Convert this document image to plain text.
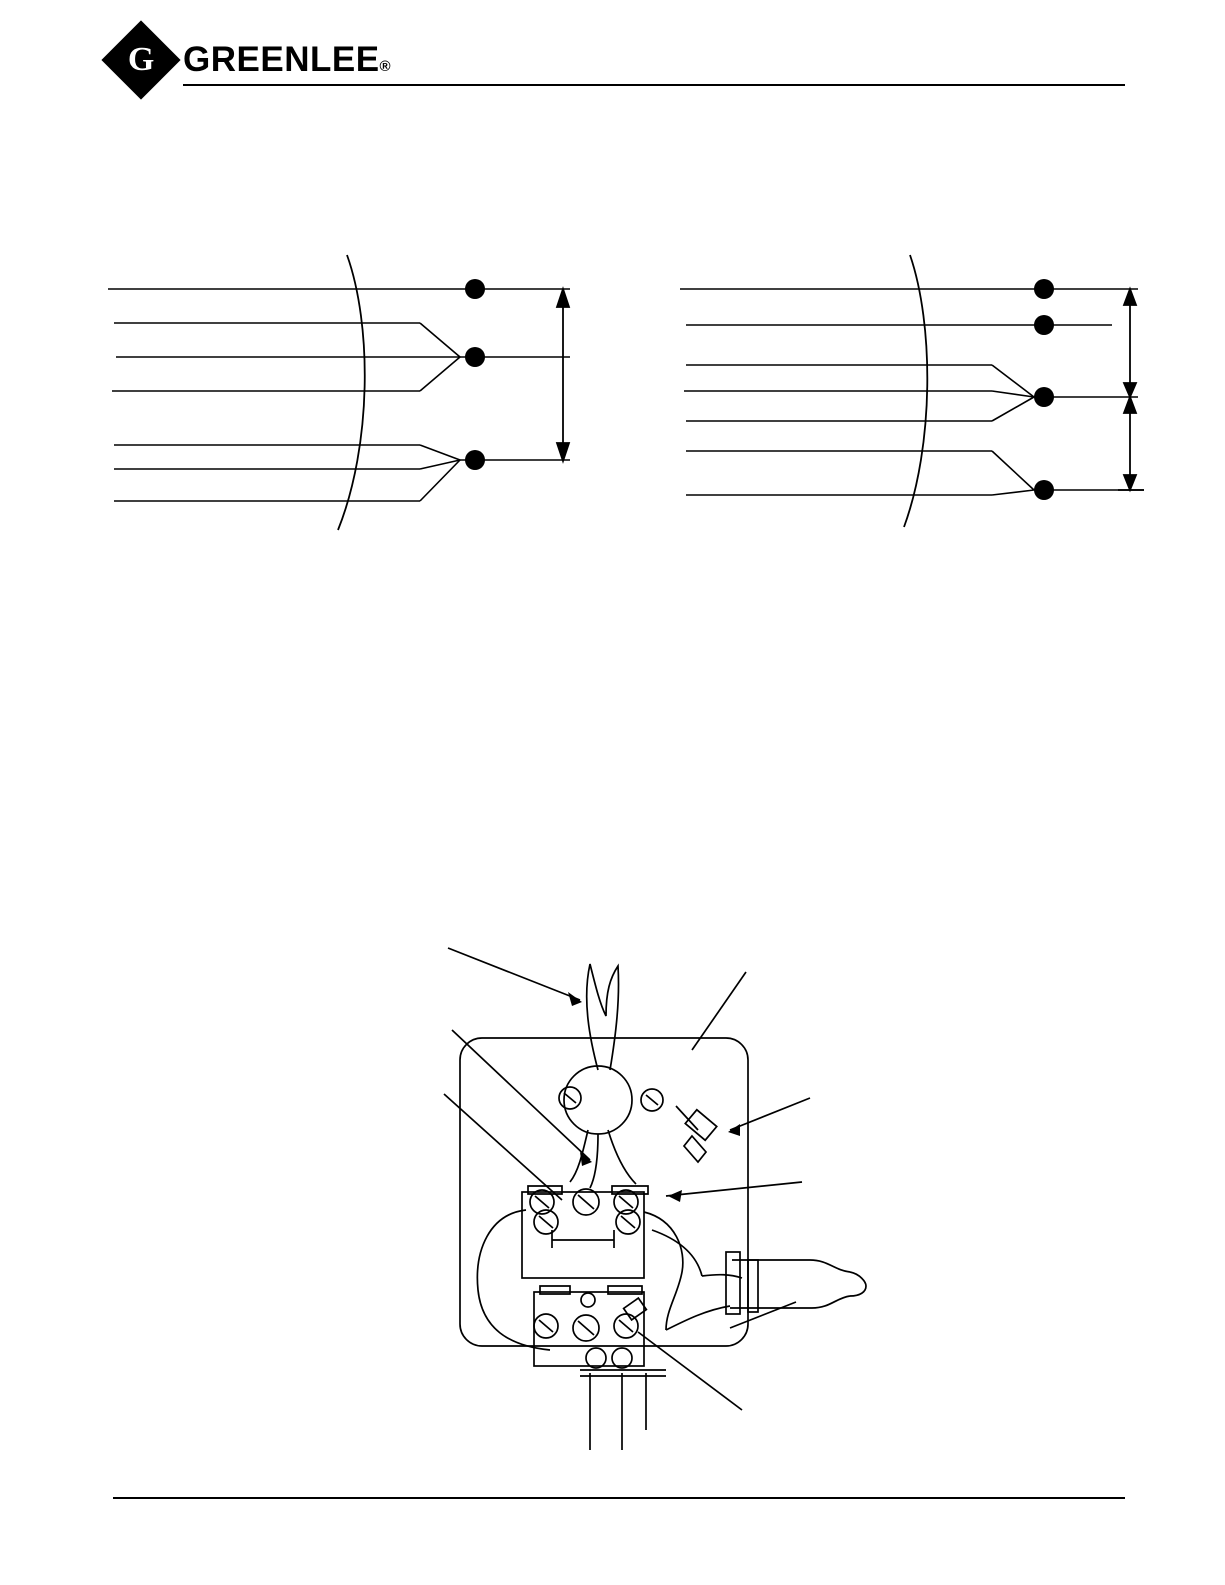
G GREENLEE®
